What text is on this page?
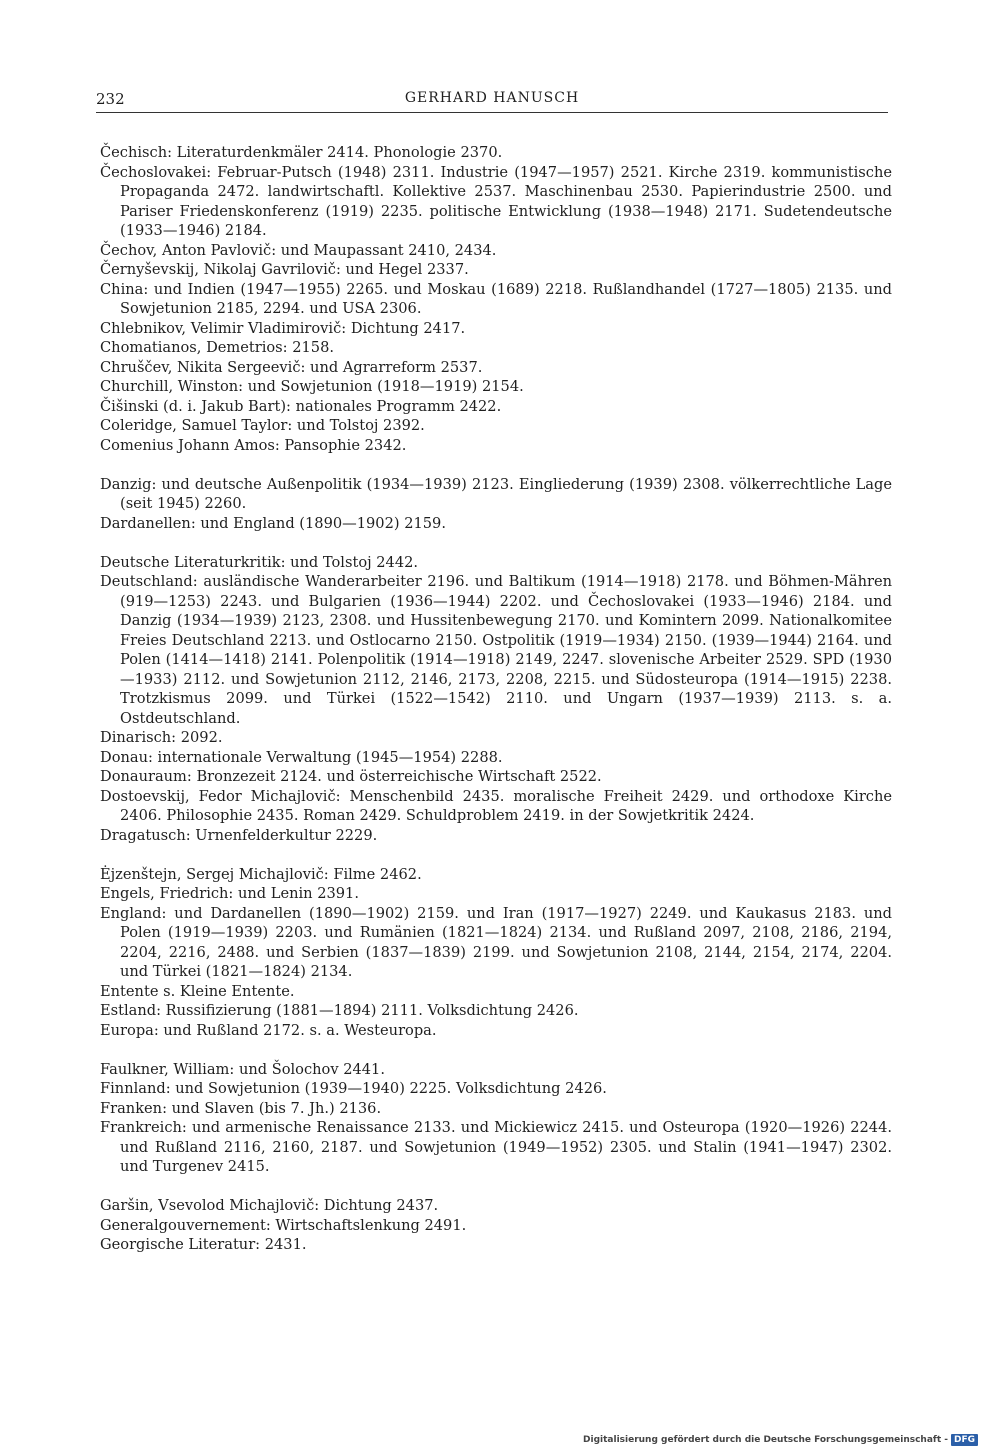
232	GERHARD HANUSCH
Čechisch: Literaturdenkmäler 2414. Phonologie 2370.
Čechoslovakei: Februar-Putsch (1948) 2311. Industrie (1947—1957) 2521. Kirche 2319. kommunistische Propaganda 2472. landwirtschaftl. Kollektive 2537. Maschinenbau 2530. Papierindustrie 2500. und Pariser Friedenskonferenz (1919) 2235. politische Entwicklung (1938—1948) 2171. Sudetendeutsche (1933—1946) 2184.
Čechov, Anton Pavlovič: und Maupassant 2410, 2434.
Černyševskij, Nikolaj Gavrilovič: und Hegel 2337.
China: und Indien (1947—1955) 2265. und Moskau (1689) 2218. Rußlandhandel (1727—1805) 2135. und Sowjetunion 2185, 2294. und USA 2306.
Chlebnikov, Velimir Vladimirovič: Dichtung 2417.
Chomatianos, Demetrios: 2158.
Chruščev, Nikita Sergeevič: und Agrarreform 2537.
Churchill, Winston: und Sowjetunion (1918—1919) 2154.
Čišinski (d. i. Jakub Bart): nationales Programm 2422.
Coleridge, Samuel Taylor: und Tolstoj 2392.
Comenius Johann Amos: Pansophie 2342.
Danzig: und deutsche Außenpolitik (1934—1939) 2123. Eingliederung (1939) 2308. völkerrechtliche Lage (seit 1945) 2260.
Dardanellen: und England (1890—1902) 2159.
Deutsche Literaturkritik: und Tolstoj 2442.
Deutschland: ausländische Wanderarbeiter 2196. und Baltikum (1914—1918) 2178. und Böhmen-Mähren (919—1253) 2243. und Bulgarien (1936—1944) 2202. und Čechoslovakei (1933—1946) 2184. und Danzig (1934—1939) 2123, 2308. und Hussitenbewegung 2170. und Komintern 2099. Nationalkomitee Freies Deutschland 2213. und Ostlocarno 2150. Ostpolitik (1919—1934) 2150. (1939—1944) 2164. und Polen (1414—1418) 2141. Polenpolitik (1914—1918) 2149, 2247. slovenische Arbeiter 2529. SPD (1930—1933) 2112. und Sowjetunion 2112, 2146, 2173, 2208, 2215. und Südosteuropa (1914—1915) 2238. Trotzkismus 2099. und Türkei (1522—1542) 2110. und Ungarn (1937—1939) 2113. s. a. Ostdeutschland.
Dinarisch: 2092.
Donau: internationale Verwaltung (1945—1954) 2288.
Donauraum: Bronzezeit 2124. und österreichische Wirtschaft 2522.
Dostoevskij, Fedor Michajlovič: Menschenbild 2435. moralische Freiheit 2429. und orthodoxe Kirche 2406. Philosophie 2435. Roman 2429. Schuldproblem 2419. in der Sowjetkritik 2424.
Dragatusch: Urnenfelderkultur 2229.
Ėjzenštejn, Sergej Michajlovič: Filme 2462.
Engels, Friedrich: und Lenin 2391.
England: und Dardanellen (1890—1902) 2159. und Iran (1917—1927) 2249. und Kaukasus 2183. und Polen (1919—1939) 2203. und Rumänien (1821—1824) 2134. und Rußland 2097, 2108, 2186, 2194, 2204, 2216, 2488. und Serbien (1837—1839) 2199. und Sowjetunion 2108, 2144, 2154, 2174, 2204. und Türkei (1821—1824) 2134.
Entente s. Kleine Entente.
Estland: Russifizierung (1881—1894) 2111. Volksdichtung 2426.
Europa: und Rußland 2172. s. a. Westeuropa.
Faulkner, William: und Šolochov 2441.
Finnland: und Sowjetunion (1939—1940) 2225. Volksdichtung 2426.
Franken: und Slaven (bis 7. Jh.) 2136.
Frankreich: und armenische Renaissance 2133. und Mickiewicz 2415. und Osteuropa (1920—1926) 2244. und Rußland 2116, 2160, 2187. und Sowjetunion (1949—1952) 2305. und Stalin (1941—1947) 2302. und Turgenev 2415.
Garšin, Vsevolod Michajlovič: Dichtung 2437.
Generalgouvernement: Wirtschaftslenkung 2491.
Georgische Literatur: 2431.
Digitalisierung gefördert durch die Deutsche Forschungsgemeinschaft - DFG
